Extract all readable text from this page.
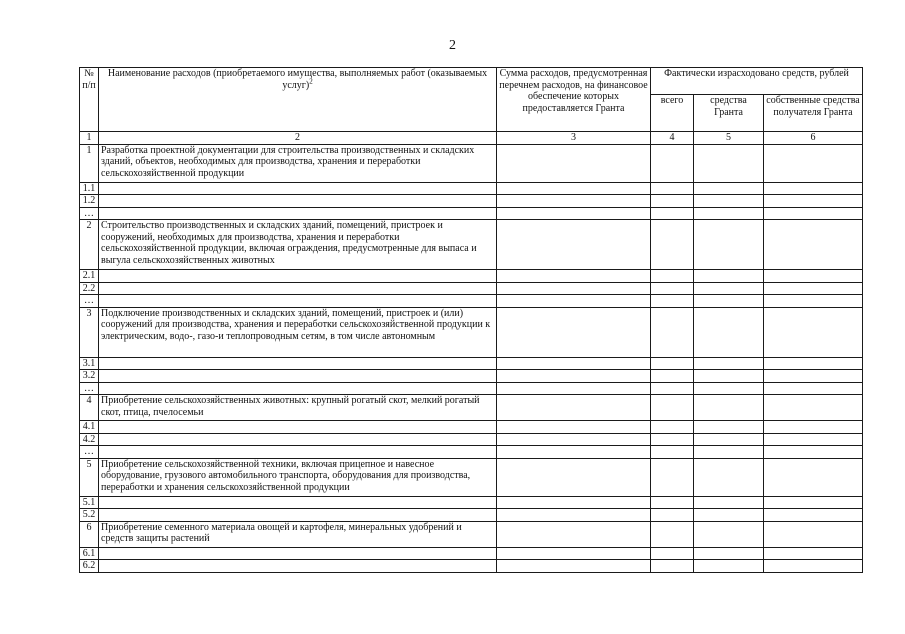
2
№ п/п	Наименование расходов (приобретаемого имущества, выполняемых работ (оказываемых услуг)$^2$	Сумма расходов, предусмотренная перечнем расходов, на финансовое обеспечение которых предоставляется Гранта	Фактически израсходовано средств, рублей		
			всего	средства Гранта	собственные средства получателя Гранта
1	2	3	4	5	6
1	Разработка проектной документации для строительства производственных и складских зданий, объектов, необходимых для производства, хранения и переработки сельскохозяйственной продукции				
1.1					
1.2					
…					
2	Строительство производственных и складских зданий, помещений, пристроек и сооружений, необходимых для производства, хранения и переработки сельскохозяйственной продукции, включая ограждения, предусмотренные для выпаса и выгула сельскохозяйственных животных				
2.1					
2.2					
…					
3	Подключение производственных и складских зданий, помещений, пристроек и (или) сооружений для производства, хранения и переработки сельскохозяйственной продукции к электрическим, водо-, газо-и теплопроводным сетям, в том числе автономным				
3.1					
3.2					
…					
4	Приобретение сельскохозяйственных животных: крупный рогатый скот, мелкий рогатый скот, птица, пчелосемьи				
4.1					
4.2					
…					
5	Приобретение сельскохозяйственной техники, включая прицепное и навесное оборудование, грузового автомобильного транспорта, оборудования для производства, переработки и хранения сельскохозяйственной продукции				
5.1					
5.2					
6	Приобретение семенного материала овощей и картофеля, минеральных удобрений и средств защиты растений				
6.1					
6.2					
